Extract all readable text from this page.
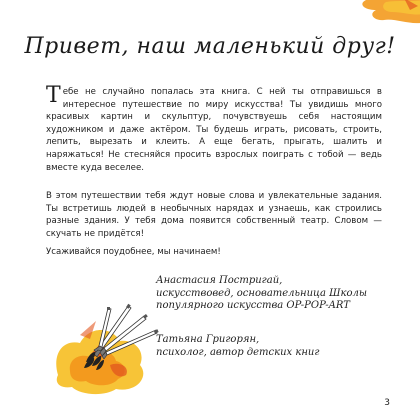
Привет, наш маленький друг!
Тебе не случайно попалась эта книга. С ней ты отправишься в интересное путешествие по миру искусства! Ты увидишь много красивых картин и скульптур, почувствуешь себя настоящим художником и даже актёром. Ты будешь играть, рисовать, строить, лепить, вырезать и клеить. А еще бегать, прыгать, шалить и наряжаться! Не стесняйся просить взрослых поиграть с тобой — ведь вместе куда веселее.
В этом путешествии тебя ждут новые слова и увлекательные задания. Ты встретишь людей в необычных нарядах и узнаешь, как строились разные здания. У тебя дома появится собственный театр. Словом — скучать не придётся!
Усаживайся поудобнее, мы начинаем!
Анастасия Постригай,
искусствовед, основательница Школы
популярного искусства OP-POP-ART
Татьяна Григорян,
психолог, автор детских книг
3
